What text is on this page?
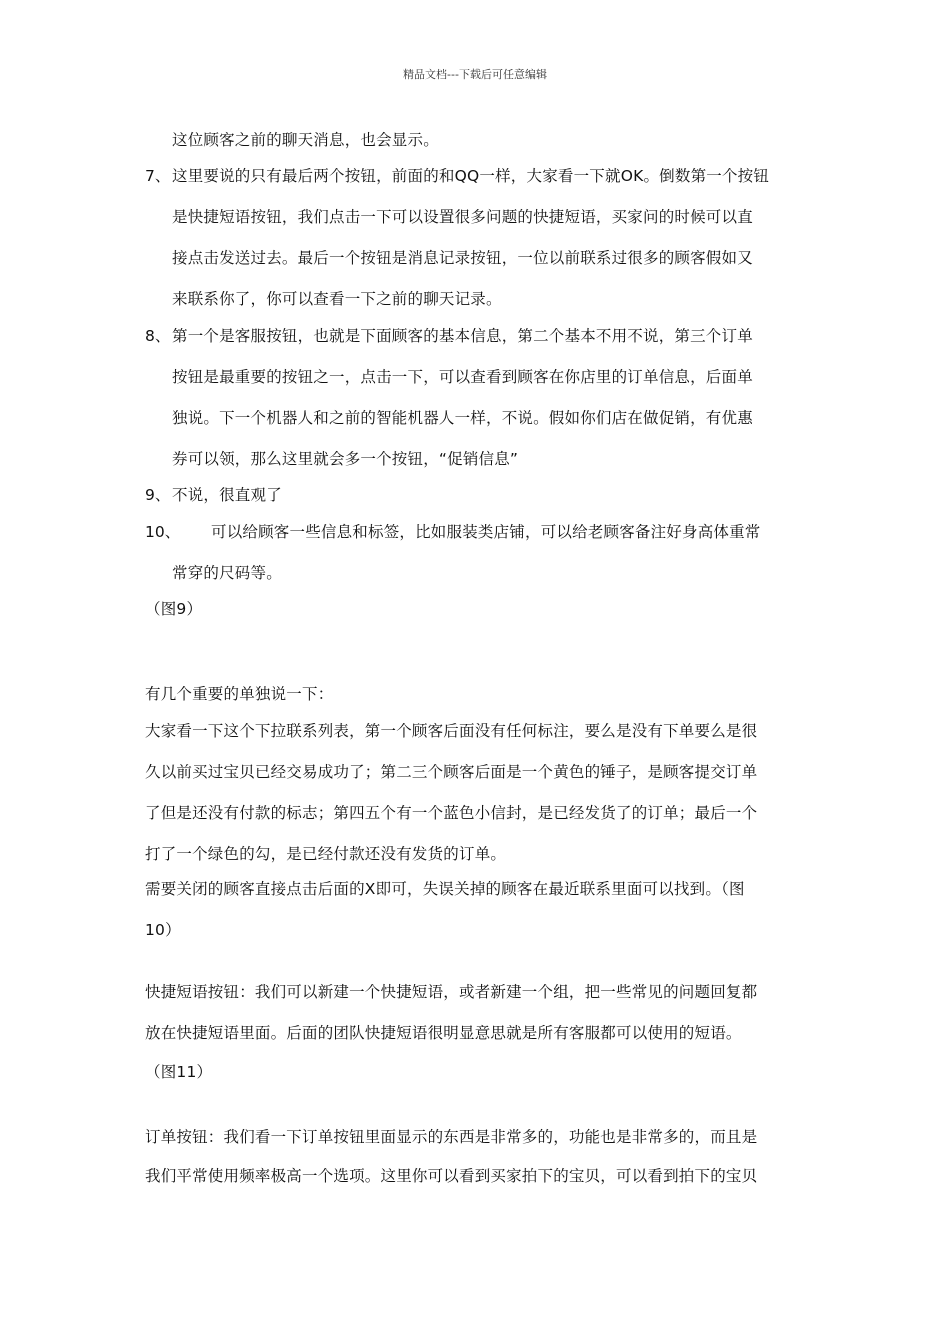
精品文档---下载后可任意编辑
这位顾客之前的聊天消息，也会显示。
7、 这里要说的只有最后两个按钮，前面的和QQ一样，大家看一下就OK。倒数第一个按钮
是快捷短语按钮，我们点击一下可以设置很多问题的快捷短语，买家问的时候可以直
接点击发送过去。最后一个按钮是消息记录按钮，一位以前联系过很多的顾客假如又
来联系你了，你可以查看一下之前的聊天记录。
8、 第一个是客服按钮，也就是下面顾客的基本信息，第二个基本不用不说，第三个订单
按钮是最重要的按钮之一，点击一下，可以查看到顾客在你店里的订单信息，后面单
独说。下一个机器人和之前的智能机器人一样，不说。假如你们店在做促销，有优惠
券可以领，那么这里就会多一个按钮，“促销信息”
9、 不说，很直观了
10、 可以给顾客一些信息和标签，比如服装类店铺，可以给老顾客备注好身高体重常
常穿的尺码等。
（图9）
有几个重要的单独说一下：
大家看一下这个下拉联系列表，第一个顾客后面没有任何标注，要么是没有下单要么是很
久以前买过宝贝已经交易成功了；第二三个顾客后面是一个黄色的锤子，是顾客提交订单
了但是还没有付款的标志；第四五个有一个蓝色小信封，是已经发货了的订单；最后一个
打了一个绿色的勾，是已经付款还没有发货的订单。
需要关闭的顾客直接点击后面的X即可，失误关掉的顾客在最近联系里面可以找到。（图
10）
快捷短语按钮：我们可以新建一个快捷短语，或者新建一个组，把一些常见的问题回复都
放在快捷短语里面。后面的团队快捷短语很明显意思就是所有客服都可以使用的短语。
（图11）
订单按钮：我们看一下订单按钮里面显示的东西是非常多的，功能也是非常多的，而且是
我们平常使用频率极高一个选项。这里你可以看到买家拍下的宝贝，可以看到拍下的宝贝
